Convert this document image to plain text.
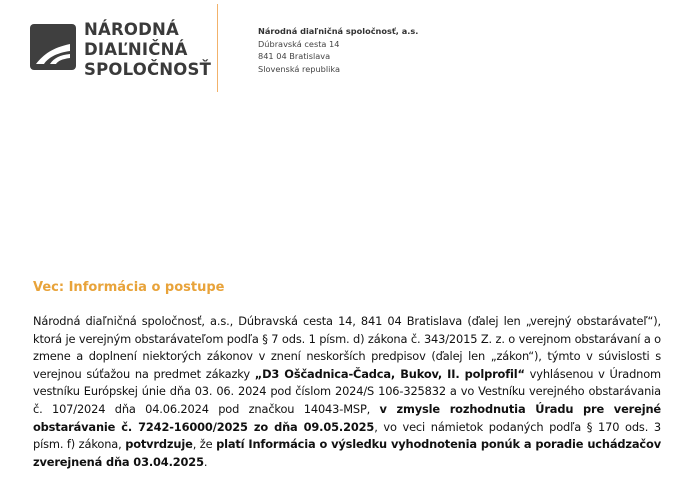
NÁRODNÁ
DIAĽNIČNÁ
SPOLOČNOSŤ
Národná diaľničná spoločnosť, a.s.
Dúbravská cesta 14
841 04 Bratislava
Slovenská republika
Vec: Informácia o postupe
Národná diaľničná spoločnosť, a.s., Dúbravská cesta 14, 841 04 Bratislava (ďalej len „verejný obstarávateľ“), ktorá je verejným obstarávateľom podľa § 7 ods. 1 písm. d) zákona č. 343/2015 Z. z. o verejnom obstarávaní a o zmene a doplnení niektorých zákonov v znení neskorších predpisov (ďalej len „zákon“), týmto v súvislosti s verejnou súťažou na predmet zákazky „D3 Oščadnica-Čadca, Bukov, II. polprofil“ vyhlásenou v Úradnom vestníku Európskej únie dňa 03. 06. 2024 pod číslom 2024/S 106-325832 a vo Vestníku verejného obstarávania č. 107/2024 dňa 04.06.2024 pod značkou 14043-MSP, v zmysle rozhodnutia Úradu pre verejné obstarávanie č. 7242-16000/2025 zo dňa 09.05.2025, vo veci námietok podaných podľa § 170 ods. 3 písm. f) zákona, potvrdzuje, že platí Informácia o výsledku vyhodnotenia ponúk a poradie uchádzačov zverejnená dňa 03.04.2025.
